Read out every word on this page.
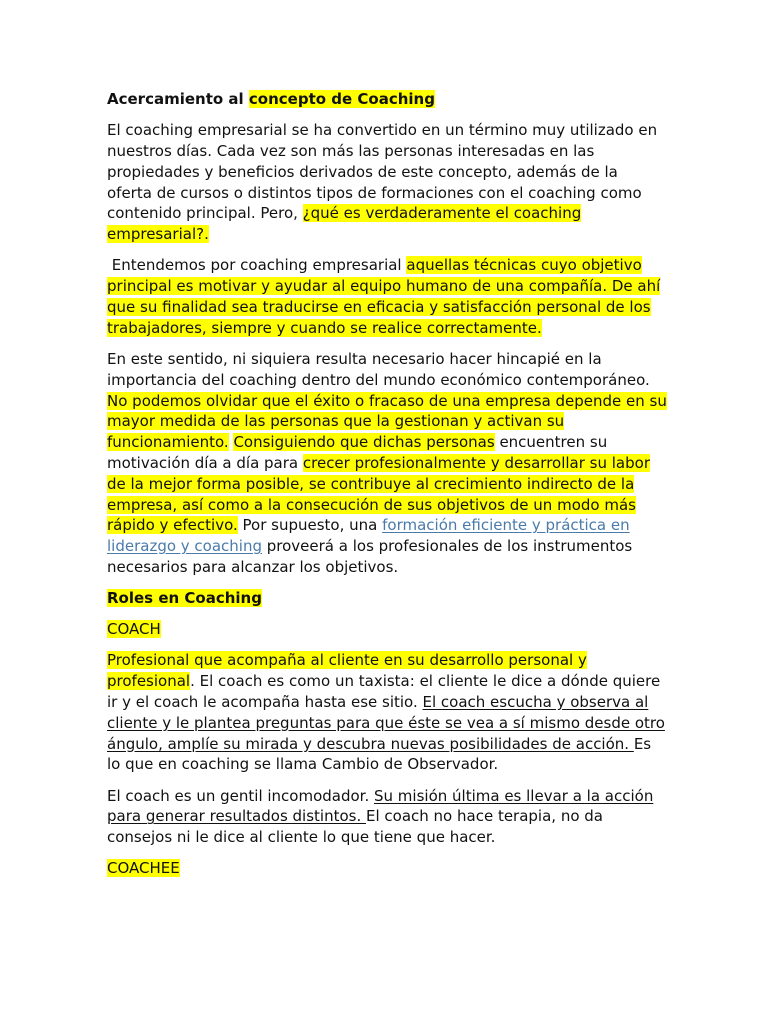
Acercamiento al concepto de Coaching

El coaching empresarial se ha convertido en un término muy utilizado en nuestros días. Cada vez son más las personas interesadas en las propiedades y beneficios derivados de este concepto, además de la oferta de cursos o distintos tipos de formaciones con el coaching como contenido principal. Pero, ¿qué es verdaderamente el coaching empresarial?.

Entendemos por coaching empresarial aquellas técnicas cuyo objetivo principal es motivar y ayudar al equipo humano de una compañía. De ahí que su finalidad sea traducirse en eficacia y satisfacción personal de los trabajadores, siempre y cuando se realice correctamente.

En este sentido, ni siquiera resulta necesario hacer hincapié en la importancia del coaching dentro del mundo económico contemporáneo. No podemos olvidar que el éxito o fracaso de una empresa depende en su mayor medida de las personas que la gestionan y activan su funcionamiento. Consiguiendo que dichas personas encuentren su motivación día a día para crecer profesionalmente y desarrollar su labor de la mejor forma posible, se contribuye al crecimiento indirecto de la empresa, así como a la consecución de sus objetivos de un modo más rápido y efectivo. Por supuesto, una formación eficiente y práctica en liderazgo y coaching proveerá a los profesionales de los instrumentos necesarios para alcanzar los objetivos.

Roles en Coaching

COACH

Profesional que acompaña al cliente en su desarrollo personal y profesional. El coach es como un taxista: el cliente le dice a dónde quiere ir y el coach le acompaña hasta ese sitio. El coach escucha y observa al cliente y le plantea preguntas para que éste se vea a sí mismo desde otro ángulo, amplíe su mirada y descubra nuevas posibilidades de acción. Es lo que en coaching se llama Cambio de Observador.

El coach es un gentil incomodador. Su misión última es llevar a la acción para generar resultados distintos. El coach no hace terapia, no da consejos ni le dice al cliente lo que tiene que hacer.

COACHEE
